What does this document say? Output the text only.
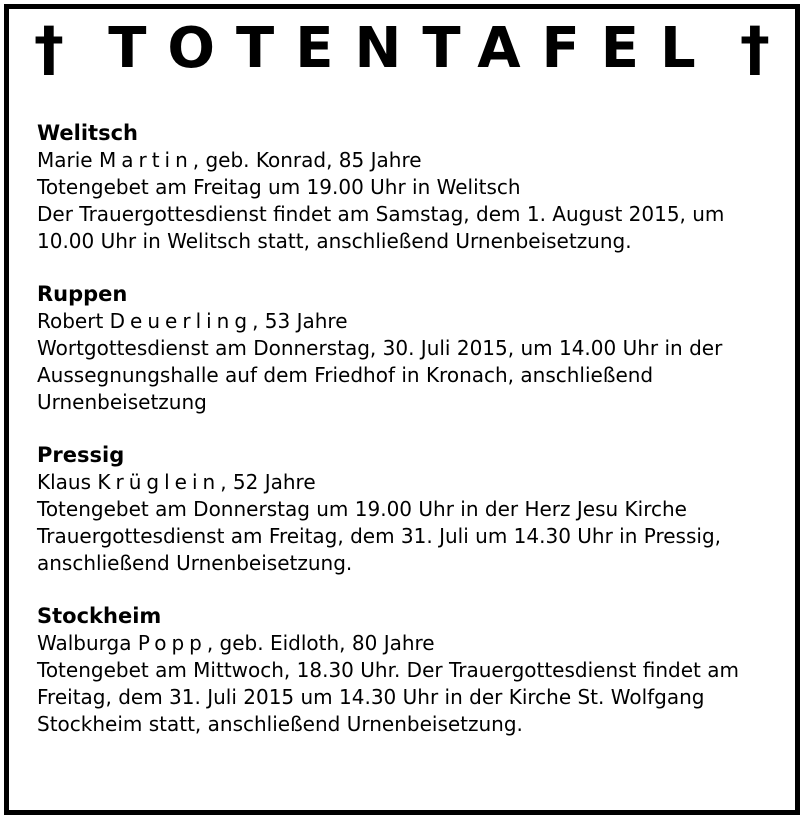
† TOTENTAFEL †
Welitsch
Marie Martin, geb. Konrad, 85 Jahre
Totengebet am Freitag um 19.00 Uhr in Welitsch
Der Trauergottesdienst findet am Samstag, dem 1. August 2015, um
10.00 Uhr in Welitsch statt, anschließend Urnenbeisetzung.
Ruppen
Robert Deuerling, 53 Jahre
Wortgottesdienst am Donnerstag, 30. Juli 2015, um 14.00 Uhr in der
Aussegnungshalle auf dem Friedhof in Kronach, anschließend
Urnenbeisetzung
Pressig
Klaus Krüglein, 52 Jahre
Totengebet am Donnerstag um 19.00 Uhr in der Herz Jesu Kirche
Trauergottesdienst am Freitag, dem 31. Juli um 14.30 Uhr in Pressig,
anschließend Urnenbeisetzung.
Stockheim
Walburga Popp, geb. Eidloth, 80 Jahre
Totengebet am Mittwoch, 18.30 Uhr. Der Trauergottesdienst findet am
Freitag, dem 31. Juli 2015 um 14.30 Uhr in der Kirche St. Wolfgang
Stockheim statt, anschließend Urnenbeisetzung.
